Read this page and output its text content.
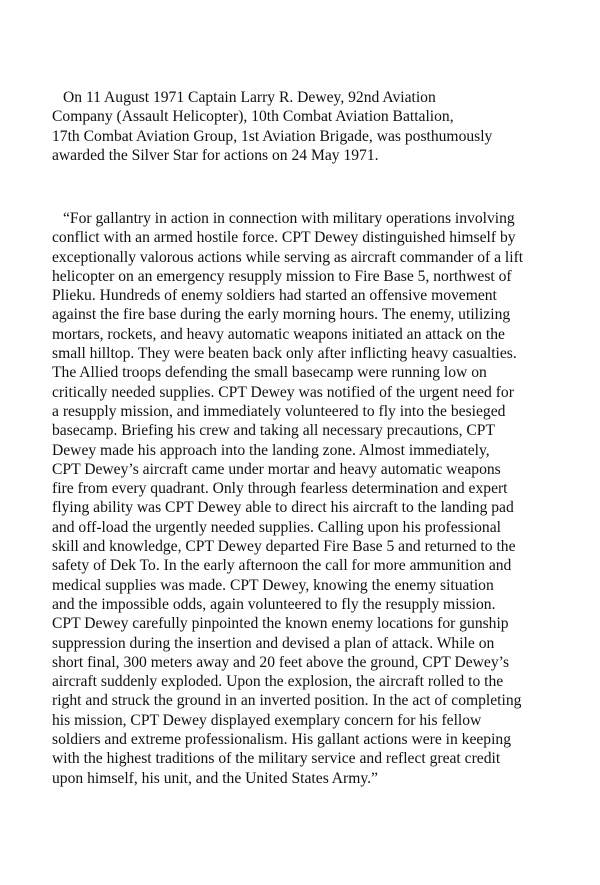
On 11 August 1971 Captain Larry R. Dewey, 92nd Aviation
Company (Assault Helicopter), 10th Combat Aviation Battalion,
17th Combat Aviation Group, 1st Aviation Brigade, was posthumously
awarded the Silver Star for actions on 24 May 1971.
“For gallantry in action in connection with military operations involving
conflict with an armed hostile force. CPT Dewey distinguished himself by
exceptionally valorous actions while serving as aircraft commander of a lift
helicopter on an emergency resupply mission to Fire Base 5, northwest of
Plieku. Hundreds of enemy soldiers had started an offensive movement
against the fire base during the early morning hours. The enemy, utilizing
mortars, rockets, and heavy automatic weapons initiated an attack on the
small hilltop. They were beaten back only after inflicting heavy casualties.
The Allied troops defending the small basecamp were running low on
critically needed supplies. CPT Dewey was notified of the urgent need for
a resupply mission, and immediately volunteered to fly into the besieged
basecamp. Briefing his crew and taking all necessary precautions, CPT
Dewey made his approach into the landing zone. Almost immediately,
CPT Dewey’s aircraft came under mortar and heavy automatic weapons
fire from every quadrant. Only through fearless determination and expert
flying ability was CPT Dewey able to direct his aircraft to the landing pad
and off-load the urgently needed supplies. Calling upon his professional
skill and knowledge, CPT Dewey departed Fire Base 5 and returned to the
safety of Dek To. In the early afternoon the call for more ammunition and
medical supplies was made. CPT Dewey, knowing the enemy situation
and the impossible odds, again volunteered to fly the resupply mission.
CPT Dewey carefully pinpointed the known enemy locations for gunship
suppression during the insertion and devised a plan of attack. While on
short final, 300 meters away and 20 feet above the ground, CPT Dewey’s
aircraft suddenly exploded. Upon the explosion, the aircraft rolled to the
right and struck the ground in an inverted position. In the act of completing
his mission, CPT Dewey displayed exemplary concern for his fellow
soldiers and extreme professionalism. His gallant actions were in keeping
with the highest traditions of the military service and reflect great credit
upon himself, his unit, and the United States Army.”
